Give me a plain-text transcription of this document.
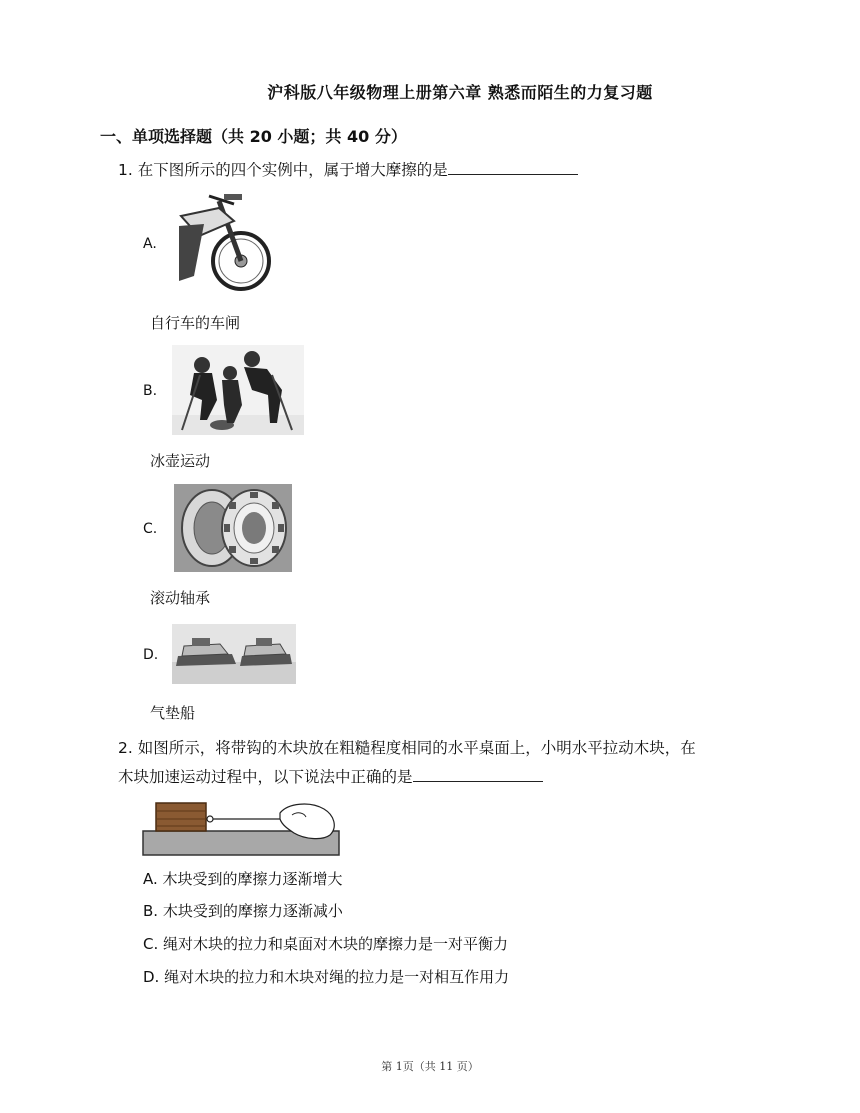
沪科版八年级物理上册第六章 熟悉而陌生的力复习题
一、单项选择题（共 20 小题；共 40 分）
1. 在下图所示的四个实例中，属于增大摩擦的是
A.
自行车的车闸
B.
冰壶运动
C.
滚动轴承
D.
气垫船
2. 如图所示，将带钩的木块放在粗糙程度相同的水平桌面上，小明水平拉动木块，在
木块加速运动过程中，以下说法中正确的是
A. 木块受到的摩擦力逐渐增大
B. 木块受到的摩擦力逐渐减小
C. 绳对木块的拉力和桌面对木块的摩擦力是一对平衡力
D. 绳对木块的拉力和木块对绳的拉力是一对相互作用力
第 1页（共 11 页）
